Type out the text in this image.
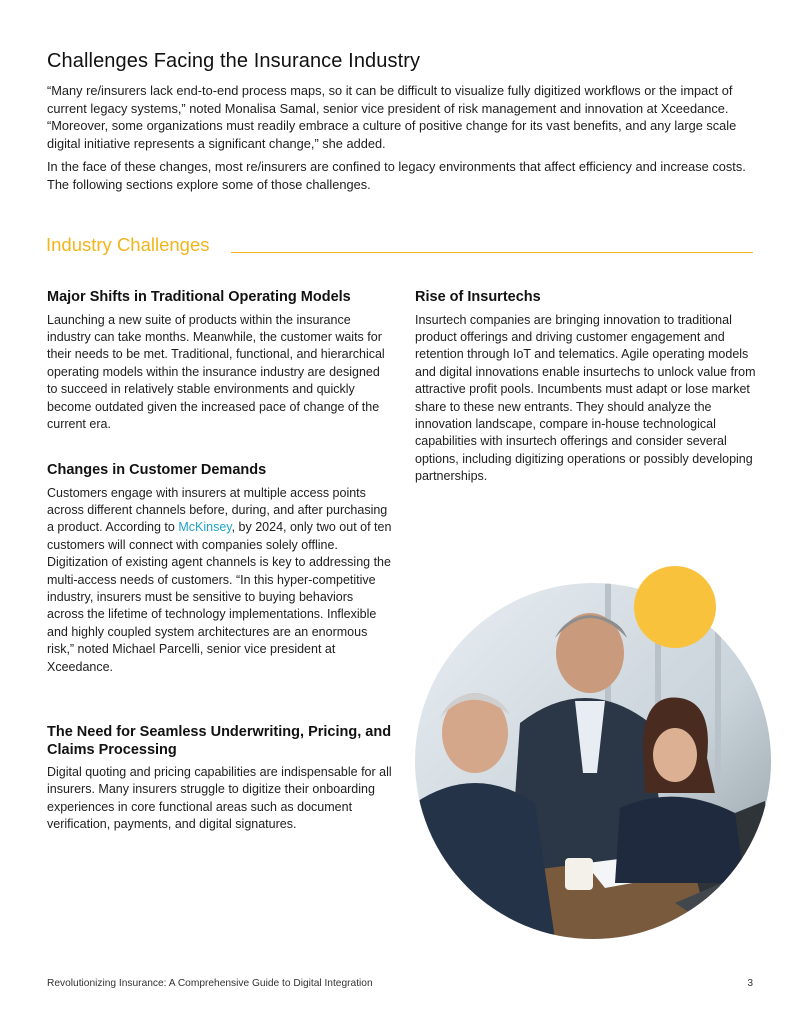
Challenges Facing the Insurance Industry

“Many re/insurers lack end-to-end process maps, so it can be difficult to visualize fully digitized workflows or the impact of current legacy systems,” noted Monalisa Samal, senior vice president of risk management and innovation at Xceedance. “Moreover, some organizations must readily embrace a culture of positive change for its vast benefits, and any large scale digital initiative represents a significant change,” she added.

In the face of these changes, most re/insurers are confined to legacy environments that affect efficiency and increase costs. The following sections explore some of those challenges.

Industry Challenges
Major Shifts in Traditional Operating Models

Launching a new suite of products within the insurance industry can take months. Meanwhile, the customer waits for their needs to be met. Traditional, functional, and hierarchical operating models within the insurance industry are designed to succeed in relatively stable environments and quickly become outdated given the increased pace of change of the current era.

Changes in Customer Demands

Customers engage with insurers at multiple access points across different channels before, during, and after purchasing a product. According to McKinsey, by 2024, only two out of ten customers will connect with companies solely offline. Digitization of existing agent channels is key to addressing the multi-access needs of customers. “In this hyper-competitive industry, insurers must be sensitive to buying behaviors across the lifetime of technology implementations. Inflexible and highly coupled system architectures are an enormous risk,” noted Michael Parcelli, senior vice president at Xceedance.

The Need for Seamless Underwriting, Pricing, and Claims Processing

Digital quoting and pricing capabilities are indispensable for all insurers. Many insurers struggle to digitize their onboarding experiences in core functional areas such as document verification, payments, and digital signatures.

Rise of Insurtechs

Insurtech companies are bringing innovation to traditional product offerings and driving customer engagement and retention through IoT and telematics. Agile operating models and digital innovations enable insurtechs to unlock value from attractive profit pools. Incumbents must adapt or lose market share to these new entrants. They should analyze the innovation landscape, compare in-house technological capabilities with insurtech offerings and consider several options, including digitizing operations or possibly developing partnerships.

Revolutionizing Insurance: A Comprehensive Guide to Digital Integration	3
